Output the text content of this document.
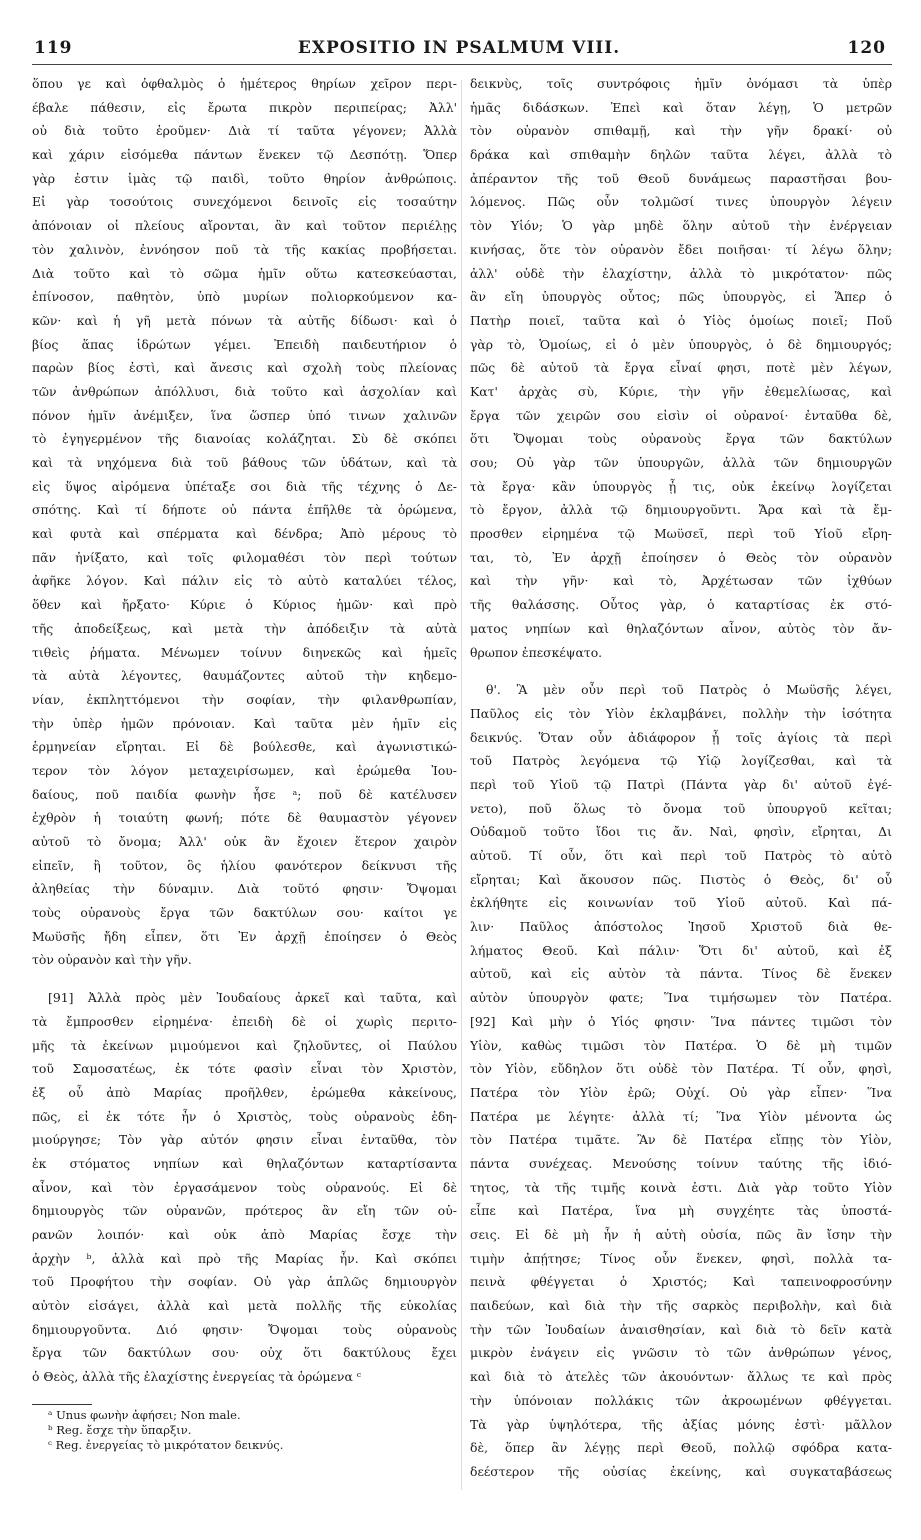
119	EXPOSITIO IN PSALMUM VIII.	120
ὅπου γε καὶ ὀφθαλμὸς ὁ ἡμέτερος θηρίων χεῖρον περι-
έβαλε πάθεσιν, εἰς ἔρωτα πικρὸν περιπείρας; Ἀλλ'
οὐ διὰ τοῦτο ἐροῦμεν· Διὰ τί ταῦτα γέγονεν; Ἀλλὰ
καὶ χάριν εἰσόμεθα πάντων ἕνεκεν τῷ Δεσπότῃ. Ὅπερ
γὰρ ἐστιν ἱμὰς τῷ παιδὶ, τοῦτο θηρίον ἀνθρώποις.
Εἰ γὰρ τοσούτοις συνεχόμενοι δεινοῖς εἰς τοσαύτην
ἀπόνοιαν οἱ πλείους αἴρονται, ἂν καὶ τοῦτον περιέλῃς
τὸν χαλινὸν, ἐννόησον ποῦ τὰ τῆς κακίας προβήσεται.
Διὰ τοῦτο καὶ τὸ σῶμα ἡμῖν οὕτω κατεσκεύασται,
ἐπίνοσον, παθητὸν, ὑπὸ μυρίων πολιορκούμενον κα-
κῶν· καὶ ἡ γῆ μετὰ πόνων τὰ αὐτῆς δίδωσι· καὶ ὁ
βίος ἅπας ἱδρώτων γέμει. Ἐπειδὴ παιδευτήριον ὁ
παρὼν βίος ἐστὶ, καὶ ἄνεσις καὶ σχολὴ τοὺς πλείονας
τῶν ἀνθρώπων ἀπόλλυσι, διὰ τοῦτο καὶ ἀσχολίαν καὶ
πόνον ἡμῖν ἀνέμιξεν, ἵνα ὥσπερ ὑπό τινων χαλινῶν
τὸ ἐγηγερμένον τῆς διανοίας κολάζηται. Σὺ δὲ σκόπει
καὶ τὰ νηχόμενα διὰ τοῦ βάθους τῶν ὑδάτων, καὶ τὰ
εἰς ὕψος αἰρόμενα ὑπέταξε σοι διὰ τῆς τέχνης ὁ Δε-
σπότης. Καὶ τί δήποτε οὐ πάντα ἐπῆλθε τὰ ὁρώμενα,
καὶ φυτὰ καὶ σπέρματα καὶ δένδρα; Ἀπὸ μέρους τὸ
πᾶν ἠνίξατο, καὶ τοῖς φιλομαθέσι τὸν περὶ τούτων
ἀφῆκε λόγον. Καὶ πάλιν εἰς τὸ αὐτὸ καταλύει τέλος,
ὅθεν καὶ ἤρξατο· Κύριε ὁ Κύριος ἡμῶν· καὶ πρὸ
τῆς ἀποδείξεως, καὶ μετὰ τὴν ἀπόδειξιν τὰ αὐτὰ
τιθεὶς ῥήματα. Μένωμεν τοίνυν διηνεκῶς καὶ ἡμεῖς
τὰ αὐτὰ λέγοντες, θαυμάζοντες αὐτοῦ τὴν κηδεμο-
νίαν, ἐκπληττόμενοι τὴν σοφίαν, τὴν φιλανθρωπίαν,
τὴν ὑπὲρ ἡμῶν πρόνοιαν. Καὶ ταῦτα μὲν ἡμῖν εἰς
ἑρμηνείαν εἴρηται. Εἰ δὲ βούλεσθε, καὶ ἀγωνιστικώ-
τερον τὸν λόγον μεταχειρίσωμεν, καὶ ἐρώμεθα Ἰου-
δαίους, ποῦ παιδία φωνὴν ἧσε ᵃ; ποῦ δὲ κατέλυσεν
ἐχθρὸν ἡ τοιαύτη φωνή; πότε δὲ θαυμαστὸν γέγονεν
αὐτοῦ τὸ ὄνομα; Ἀλλ' οὐκ ἂν ἔχοιεν ἕτερον χαιρὸν
εἰπεῖν, ἢ τοῦτον, ὃς ἡλίου φανότερον δείκνυσι τῆς
ἀληθείας τὴν δύναμιν. Διὰ τοῦτό φησιν· Ὄψομαι
τοὺς οὐρανοὺς ἔργα τῶν δακτύλων σου· καίτοι γε
Μωϋσῆς ἤδη εἶπεν, ὅτι Ἐν ἀρχῇ ἐποίησεν ὁ Θεὸς
τὸν οὐρανὸν καὶ τὴν γῆν.
[91] Ἀλλὰ πρὸς μὲν Ἰουδαίους ἀρκεῖ καὶ ταῦτα, καὶ
τὰ ἔμπροσθεν εἰρημένα· ἐπειδὴ δὲ οἱ χωρὶς περιτο-
μῆς τὰ ἐκείνων μιμούμενοι καὶ ζηλοῦντες, οἱ Παύλου
τοῦ Σαμοσατέως, ἐκ τότε φασὶν εἶναι τὸν Χριστὸν,
ἐξ οὗ ἀπὸ Μαρίας προῆλθεν, ἐρώμεθα κἀκείνους,
πῶς, εἰ ἐκ τότε ἦν ὁ Χριστὸς, τοὺς οὐρανοὺς ἐδη-
μιούργησε; Τὸν γὰρ αὐτόν φησιν εἶναι ἐνταῦθα, τὸν
ἐκ στόματος νηπίων καὶ θηλαζόντων καταρτίσαντα
αἶνον, καὶ τὸν ἐργασάμενον τοὺς οὐρανούς. Εἰ δὲ
δημιουργὸς τῶν οὐρανῶν, πρότερος ἂν εἴη τῶν οὐ-
ρανῶν λοιπόν· καὶ οὐκ ἀπὸ Μαρίας ἔσχε τὴν
ἀρχὴν ᵇ, ἀλλὰ καὶ πρὸ τῆς Μαρίας ἦν. Καὶ σκόπει
τοῦ Προφήτου τὴν σοφίαν. Οὐ γὰρ ἁπλῶς δημιουργὸν
αὐτὸν εἰσάγει, ἀλλὰ καὶ μετὰ πολλῆς τῆς εὐκολίας
δημιουργοῦντα. Διό φησιν· Ὄψομαι τοὺς οὐρανοὺς
ἔργα τῶν δακτύλων σου· οὐχ ὅτι δακτύλους ἔχει
ὁ Θεὸς, ἀλλὰ τῆς ἐλαχίστης ἐνεργείας τὰ ὁρώμενα ᶜ
δεικνὺς, τοῖς συντρόφοις ἡμῖν ὀνόμασι τὰ ὑπὲρ
ἡμᾶς διδάσκων. Ἐπεὶ καὶ ὅταν λέγῃ, Ὁ μετρῶν
τὸν οὐρανὸν σπιθαμῇ, καὶ τὴν γῆν δρακί· οὐ
δράκα καὶ σπιθαμὴν δηλῶν ταῦτα λέγει, ἀλλὰ τὸ
ἀπέραντον τῆς τοῦ Θεοῦ δυνάμεως παραστῆσαι βου-
λόμενος. Πῶς οὖν τολμῶσί τινες ὑπουργὸν λέγειν
τὸν Υἱόν; Ὁ γὰρ μηδὲ ὅλην αὐτοῦ τὴν ἐνέργειαν
κινήσας, ὅτε τὸν οὐρανὸν ἔδει ποιῆσαι· τί λέγω ὅλην;
ἀλλ' οὐδὲ τὴν ἐλαχίστην, ἀλλὰ τὸ μικρότατον· πῶς
ἂν εἴη ὑπουργὸς οὗτος; πῶς ὑπουργὸς, εἰ Ἅπερ ὁ
Πατὴρ ποιεῖ, ταῦτα καὶ ὁ Υἱὸς ὁμοίως ποιεῖ; Ποῦ
γὰρ τὸ, Ὁμοίως, εἰ ὁ μὲν ὑπουργὸς, ὁ δὲ δημιουργός;
πῶς δὲ αὐτοῦ τὰ ἔργα εἶναί φησι, ποτὲ μὲν λέγων,
Κατ' ἀρχὰς σὺ, Κύριε, τὴν γῆν ἐθεμελίωσας, καὶ
ἔργα τῶν χειρῶν σου εἰσὶν οἱ οὐρανοί· ἐνταῦθα δὲ,
ὅτι Ὄψομαι τοὺς οὐρανοὺς ἔργα τῶν δακτύλων
σου; Οὐ γὰρ τῶν ὑπουργῶν, ἀλλὰ τῶν δημιουργῶν
τὰ ἔργα· κἂν ὑπουργὸς ᾖ τις, οὐκ ἐκείνῳ λογίζεται
τὸ ἔργον, ἀλλὰ τῷ δημιουργοῦντι. Ἄρα καὶ τὰ ἔμ-
προσθεν εἰρημένα τῷ Μωϋσεῖ, περὶ τοῦ Υἱοῦ εἴρη-
ται, τὸ, Ἐν ἀρχῇ ἐποίησεν ὁ Θεὸς τὸν οὐρανὸν
καὶ τὴν γῆν· καὶ τὸ, Ἀρχέτωσαν τῶν ἰχθύων
τῆς θαλάσσης. Οὗτος γὰρ, ὁ καταρτίσας ἐκ στό-
ματος νηπίων καὶ θηλαζόντων αἶνον, αὐτὸς τὸν ἄν-
θρωπον ἐπεσκέψατο.
θ'. Ἃ μὲν οὖν περὶ τοῦ Πατρὸς ὁ Μωϋσῆς λέγει,
Παῦλος εἰς τὸν Υἱὸν ἐκλαμβάνει, πολλὴν τὴν ἰσότητα
δεικνύς. Ὅταν οὖν ἀδιάφορον ᾖ τοῖς ἁγίοις τὰ περὶ
τοῦ Πατρὸς λεγόμενα τῷ Υἱῷ λογίζεσθαι, καὶ τὰ
περὶ τοῦ Υἱοῦ τῷ Πατρὶ (Πάντα γὰρ δι' αὐτοῦ ἐγέ-
νετο), ποῦ ὅλως τὸ ὄνομα τοῦ ὑπουργοῦ κεῖται;
Οὐδαμοῦ τοῦτο ἴδοι τις ἄν. Ναὶ, φησὶν, εἴρηται, Δι
αὐτοῦ. Τί οὖν, ὅτι καὶ περὶ τοῦ Πατρὸς τὸ αὐτὸ
εἴρηται; Καὶ ἄκουσον πῶς. Πιστὸς ὁ Θεὸς, δι' οὗ
ἐκλήθητε εἰς κοινωνίαν τοῦ Υἱοῦ αὐτοῦ. Καὶ πά-
λιν· Παῦλος ἀπόστολος Ἰησοῦ Χριστοῦ διὰ θε-
λήματος Θεοῦ. Καὶ πάλιν· Ὅτι δι' αὐτοῦ, καὶ ἐξ
αὐτοῦ, καὶ εἰς αὐτὸν τὰ πάντα. Τίνος δὲ ἕνεκεν
αὐτὸν ὑπουργὸν φατε; Ἵνα τιμήσωμεν τὸν Πατέρα.
[92] Καὶ μὴν ὁ Υἱός φησιν· Ἵνα πάντες τιμῶσι τὸν
Υἱὸν, καθὼς τιμῶσι τὸν Πατέρα. Ὁ δὲ μὴ τιμῶν
τὸν Υἱὸν, εὔδηλον ὅτι οὐδὲ τὸν Πατέρα. Τί οὖν, φησὶ,
Πατέρα τὸν Υἱὸν ἐρῶ; Οὐχί. Οὐ γὰρ εἶπεν· Ἵνα
Πατέρα με λέγητε· ἀλλὰ τί; Ἵνα Υἱὸν μένοντα ὡς
τὸν Πατέρα τιμᾶτε. Ἂν δὲ Πατέρα εἴπῃς τὸν Υἱὸν,
πάντα συνέχεας. Μενούσης τοίνυν ταύτης τῆς ἰδιό-
τητος, τὰ τῆς τιμῆς κοινὰ ἐστι. Διὰ γὰρ τοῦτο Υἱὸν
εἶπε καὶ Πατέρα, ἵνα μὴ συγχέητε τὰς ὑποστά-
σεις. Εἰ δὲ μὴ ἦν ἡ αὐτὴ οὐσία, πῶς ἂν ἴσην τὴν
τιμὴν ἀπῄτησε; Τίνος οὖν ἕνεκεν, φησὶ, πολλὰ τα-
πεινὰ φθέγγεται ὁ Χριστός; Καὶ ταπεινοφροσύνην
παιδεύων, καὶ διὰ τὴν τῆς σαρκὸς περιβολὴν, καὶ διὰ
τὴν τῶν Ἰουδαίων ἀναισθησίαν, καὶ διὰ τὸ δεῖν κατὰ
μικρὸν ἐνάγειν εἰς γνῶσιν τὸ τῶν ἀνθρώπων γένος,
καὶ διὰ τὸ ἀτελὲς τῶν ἀκουόντων· ἄλλως τε καὶ πρὸς
τὴν ὑπόνοιαν πολλάκις τῶν ἀκροωμένων φθέγγεται.
Τὰ γὰρ ὑψηλότερα, τῆς ἀξίας μόνης ἐστὶ· μᾶλλον
δὲ, ὅπερ ἂν λέγῃς περὶ Θεοῦ, πολλῷ σφόδρα κατα-
δεέστερον τῆς οὐσίας ἐκείνης, καὶ συγκαταβάσεως
ᵃ Unus φωνὴν ἀφήσει; Non male.
ᵇ Reg. ἔσχε τὴν ὕπαρξιν.
ᶜ Reg. ἐνεργείας τὸ μικρότατον δεικνύς.
